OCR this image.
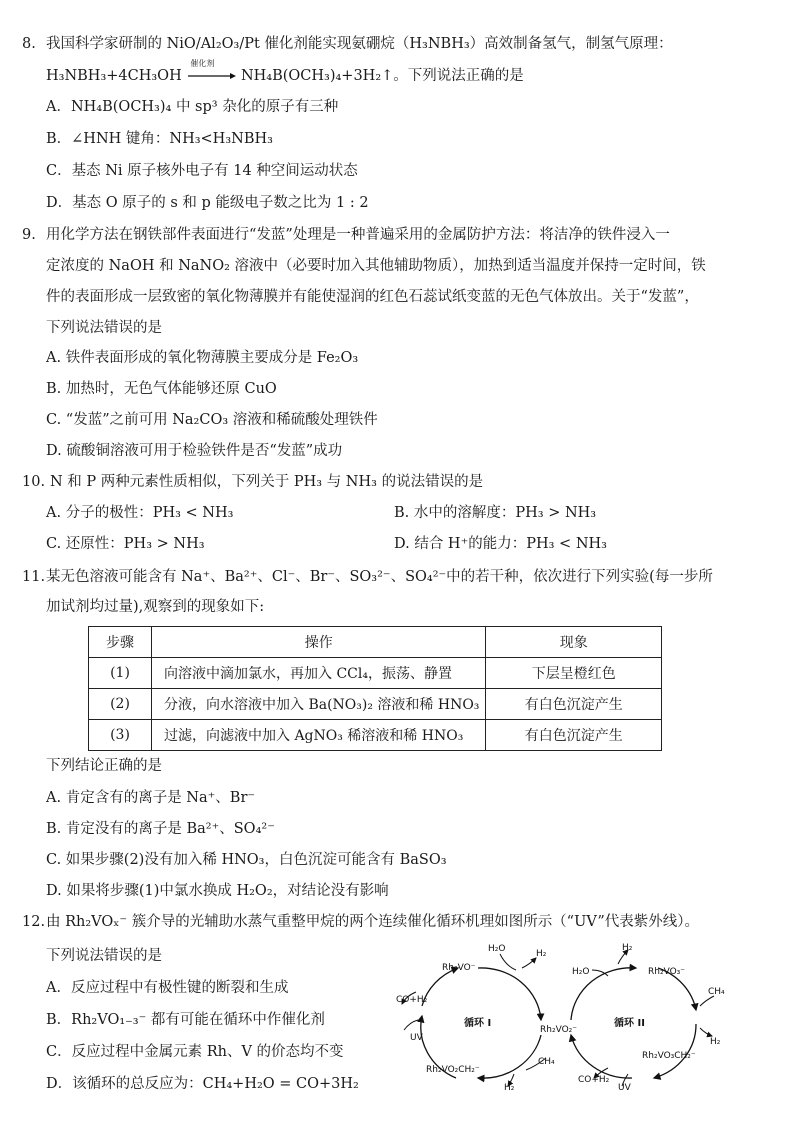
8. 我国科学家研制的 NiO/Al₂O₃/Pt 催化剂能实现氨硼烷（H₃NBH₃）高效制备氢气，制氢气原理：
H₃NBH₃+4CH₃OH
催化剂
NH₄B(OCH₃)₄+3H₂↑。下列说法正确的是
A．NH₄B(OCH₃)₄ 中 sp³ 杂化的原子有三种
B．∠HNH 键角：NH₃<H₃NBH₃
C．基态 Ni 原子核外电子有 14 种空间运动状态
D．基态 O 原子的 s 和 p 能级电子数之比为 1 : 2
9. 用化学方法在钢铁部件表面进行“发蓝”处理是一种普遍采用的金属防护方法：将洁净的铁件浸入一
定浓度的 NaOH 和 NaNO₂ 溶液中（必要时加入其他辅助物质），加热到适当温度并保持一定时间，铁
件的表面形成一层致密的氧化物薄膜并有能使湿润的红色石蕊试纸变蓝的无色气体放出。关于“发蓝”，
下列说法错误的是
A. 铁件表面形成的氧化物薄膜主要成分是 Fe₂O₃
B. 加热时，无色气体能够还原 CuO
C. “发蓝”之前可用 Na₂CO₃ 溶液和稀硫酸处理铁件
D. 硫酸铜溶液可用于检验铁件是否“发蓝”成功
10. N 和 P 两种元素性质相似，下列关于 PH₃ 与 NH₃ 的说法错误的是
A. 分子的极性：PH₃ < NH₃	B. 水中的溶解度：PH₃ > NH₃
C. 还原性：PH₃ > NH₃	D. 结合 H⁺的能力：PH₃ < NH₃
11. 某无色溶液可能含有 Na⁺、Ba²⁺、Cl⁻、Br⁻、SO₃²⁻、SO₄²⁻中的若干种，依次进行下列实验(每一步所
加试剂均过量),观察到的现象如下:
步骤	操作	现象
(1)	向溶液中滴加氯水，再加入 CCl₄，振荡、静置	下层呈橙红色
(2)	分液，向水溶液中加入 Ba(NO₃)₂ 溶液和稀 HNO₃	有白色沉淀产生
(3)	过滤，向滤液中加入 AgNO₃ 稀溶液和稀 HNO₃	有白色沉淀产生
下列结论正确的是
A. 肯定含有的离子是 Na⁺、Br⁻
B. 肯定没有的离子是 Ba²⁺、SO₄²⁻
C. 如果步骤(2)没有加入稀 HNO₃，白色沉淀可能含有 BaSO₃
D. 如果将步骤(1)中氯水换成 H₂O₂，对结论没有影响
12. 由 Rh₂VOₓ⁻ 簇介导的光辅助水蒸气重整甲烷的两个连续催化循环机理如图所示（“UV”代表紫外线）。
下列说法错误的是
A．反应过程中有极性键的断裂和生成
B．Rh₂VO₁₋₃⁻ 都有可能在循环中作催化剂
C．反应过程中金属元素 Rh、V 的价态均不变
D．该循环的总反应为：CH₄+H₂O = CO+3H₂
H₂O	H₂
Rh₂VO⁻
CO+H₂
UV
Rh₂VO₂CH₂⁻
CH₄
H₂
Rh₂VO₂⁻
H₂O
H₂
Rh₂VO₃⁻
CH₄
H₂
Rh₂VO₃CH₂⁻
CO+H₂
UV
循环 I	循环 II
